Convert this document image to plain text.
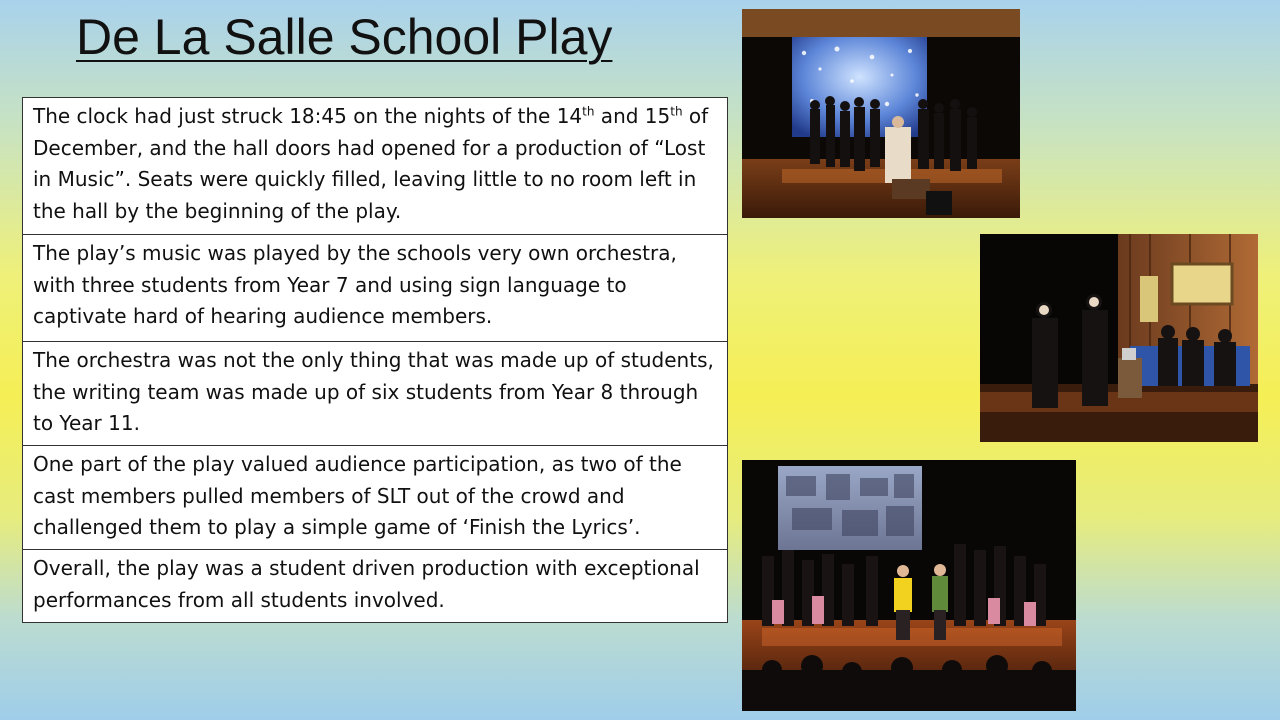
De La Salle School Play
The clock had just struck 18:45 on the nights of the 14th and 15th of December, and the hall doors had opened for a production of “Lost in Music”. Seats were quickly filled, leaving little to no room left in the hall by the beginning of the play.
The play’s music was played by the schools very own orchestra, with three students from Year 7 and using sign language to captivate hard of hearing audience members.
The orchestra was not the only thing that was made up of students, the writing team was made up of six students from Year 8 through to Year 11.
One part of the play valued audience participation, as two of the cast members pulled members of SLT out of the crowd and challenged them to play a simple game of ‘Finish the Lyrics’.
Overall, the play was a student driven production with exceptional performances from all students involved.
